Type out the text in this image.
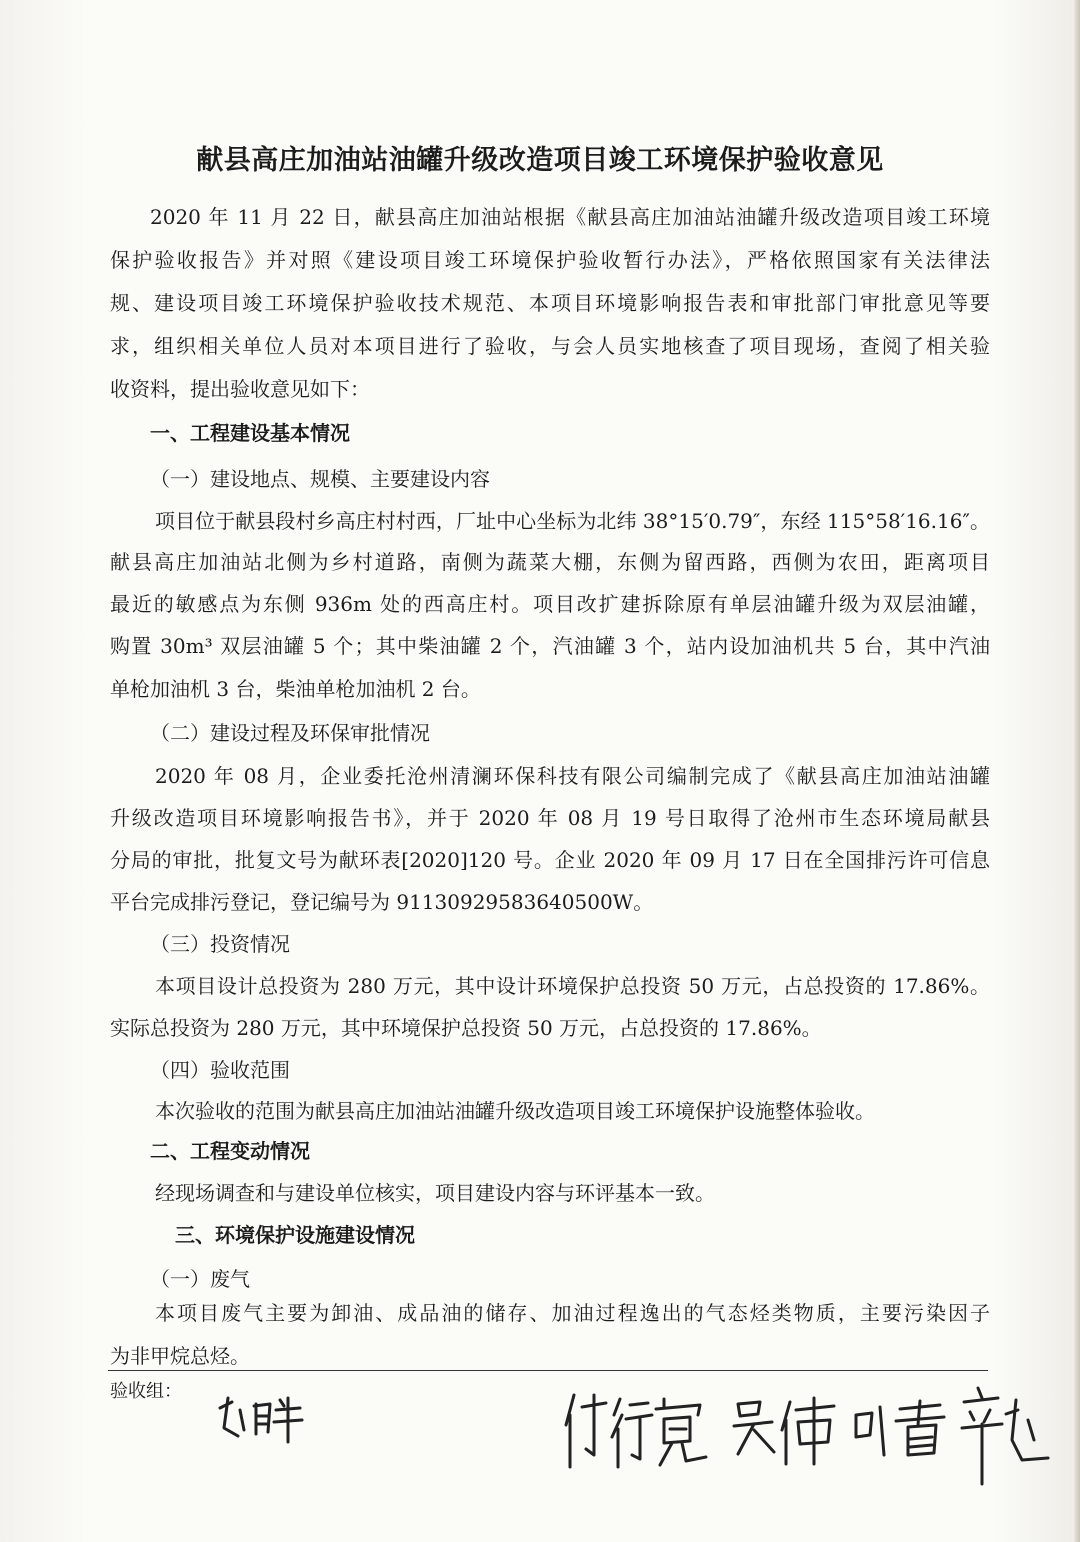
献县高庄加油站油罐升级改造项目竣工环境保护验收意见
2020 年 11 月 22 日，献县高庄加油站根据《献县高庄加油站油罐升级改造项目竣工环境
保护验收报告》并对照《建设项目竣工环境保护验收暂行办法》，严格依照国家有关法律法
规、建设项目竣工环境保护验收技术规范、本项目环境影响报告表和审批部门审批意见等要
求，组织相关单位人员对本项目进行了验收，与会人员实地核查了项目现场，查阅了相关验
收资料，提出验收意见如下：
一、工程建设基本情况
（一）建设地点、规模、主要建设内容
项目位于献县段村乡高庄村村西，厂址中心坐标为北纬 38°15′0.79″，东经 115°58′16.16″。
献县高庄加油站北侧为乡村道路，南侧为蔬菜大棚，东侧为留西路，西侧为农田，距离项目
最近的敏感点为东侧 936m 处的西高庄村。项目改扩建拆除原有单层油罐升级为双层油罐，
购置 30m³ 双层油罐 5 个；其中柴油罐 2 个，汽油罐 3 个，站内设加油机共 5 台，其中汽油
单枪加油机 3 台，柴油单枪加油机 2 台。
（二）建设过程及环保审批情况
2020 年 08 月，企业委托沧州清澜环保科技有限公司编制完成了《献县高庄加油站油罐
升级改造项目环境影响报告书》，并于 2020 年 08 月 19 号日取得了沧州市生态环境局献县
分局的审批，批复文号为献环表[2020]120 号。企业 2020 年 09 月 17 日在全国排污许可信息
平台完成排污登记，登记编号为 91130929583640500W。
（三）投资情况
本项目设计总投资为 280 万元，其中设计环境保护总投资 50 万元，占总投资的 17.86%。
实际总投资为 280 万元，其中环境保护总投资 50 万元，占总投资的 17.86%。
（四）验收范围
本次验收的范围为献县高庄加油站油罐升级改造项目竣工环境保护设施整体验收。
二、工程变动情况
经现场调查和与建设单位核实，项目建设内容与环评基本一致。
三、环境保护设施建设情况
（一）废气
本项目废气主要为卸油、成品油的储存、加油过程逸出的气态烃类物质，主要污染因子
为非甲烷总烃。
验收组：
